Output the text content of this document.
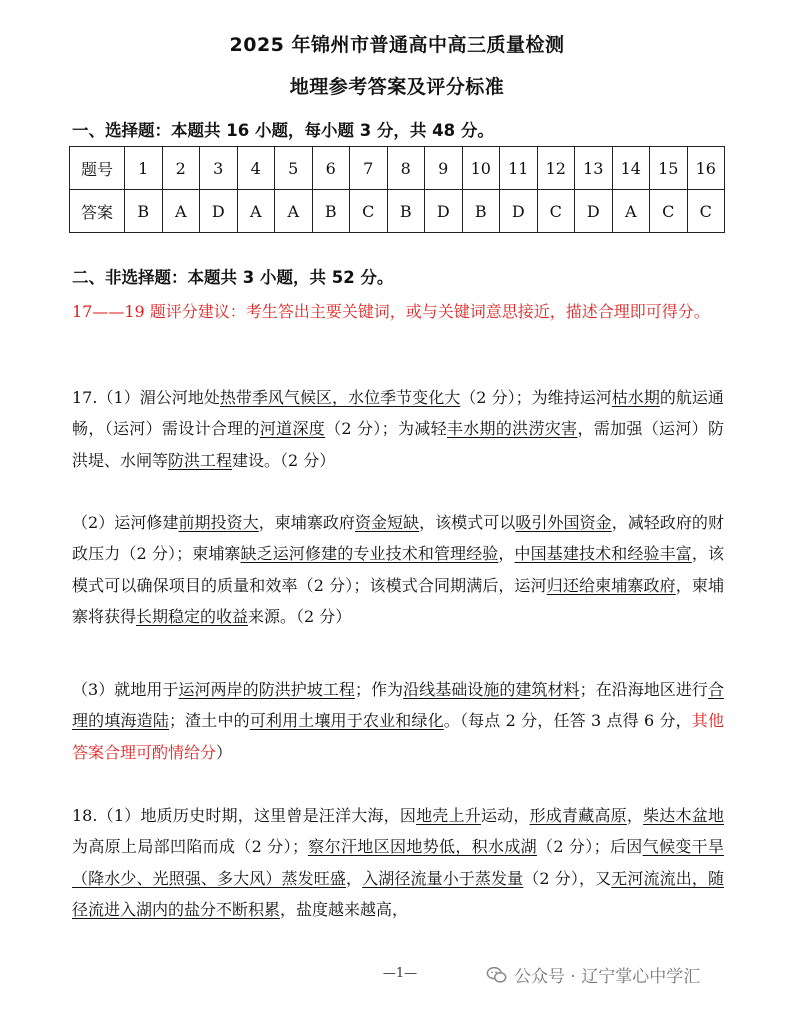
2025 年锦州市普通高中高三质量检测
地理参考答案及评分标准
一、选择题：本题共 16 小题，每小题 3 分，共 48 分。
题号	1	2	3	4	5	6	7	8	9	10	11	12	13	14	15	16
答案	B	A	D	A	A	B	C	B	D	B	D	C	D	A	C	C
二、非选择题：本题共 3 小题，共 52 分。
17——19 题评分建议：考生答出主要关键词，或与关键词意思接近，描述合理即可得分。
17.（1）湄公河地处热带季风气候区，水位季节变化大（2 分）；为维持运河枯水期的航运通畅，（运河）需设计合理的河道深度（2 分）；为减轻丰水期的洪涝灾害，需加强（运河）防洪堤、水闸等防洪工程建设。（2 分）
（2）运河修建前期投资大，柬埔寨政府资金短缺，该模式可以吸引外国资金，减轻政府的财政压力（2 分）；柬埔寨缺乏运河修建的专业技术和管理经验，中国基建技术和经验丰富，该模式可以确保项目的质量和效率（2 分）；该模式合同期满后，运河归还给柬埔寨政府，柬埔寨将获得长期稳定的收益来源。（2 分）
（3）就地用于运河两岸的防洪护坡工程；作为沿线基础设施的建筑材料；在沿海地区进行合理的填海造陆；渣土中的可利用土壤用于农业和绿化。（每点 2 分，任答 3 点得 6 分，其他答案合理可酌情给分）
18.（1）地质历史时期，这里曾是汪洋大海，因地壳上升运动，形成青藏高原，柴达木盆地为高原上局部凹陷而成（2 分）；察尔汗地区因地势低，积水成湖（2 分）；后因气候变干旱（降水少、光照强、多大风）蒸发旺盛，入湖径流量小于蒸发量（2 分），又无河流流出，随径流进入湖内的盐分不断积累，盐度越来越高，
—1—	公众号 · 辽宁掌心中学汇
